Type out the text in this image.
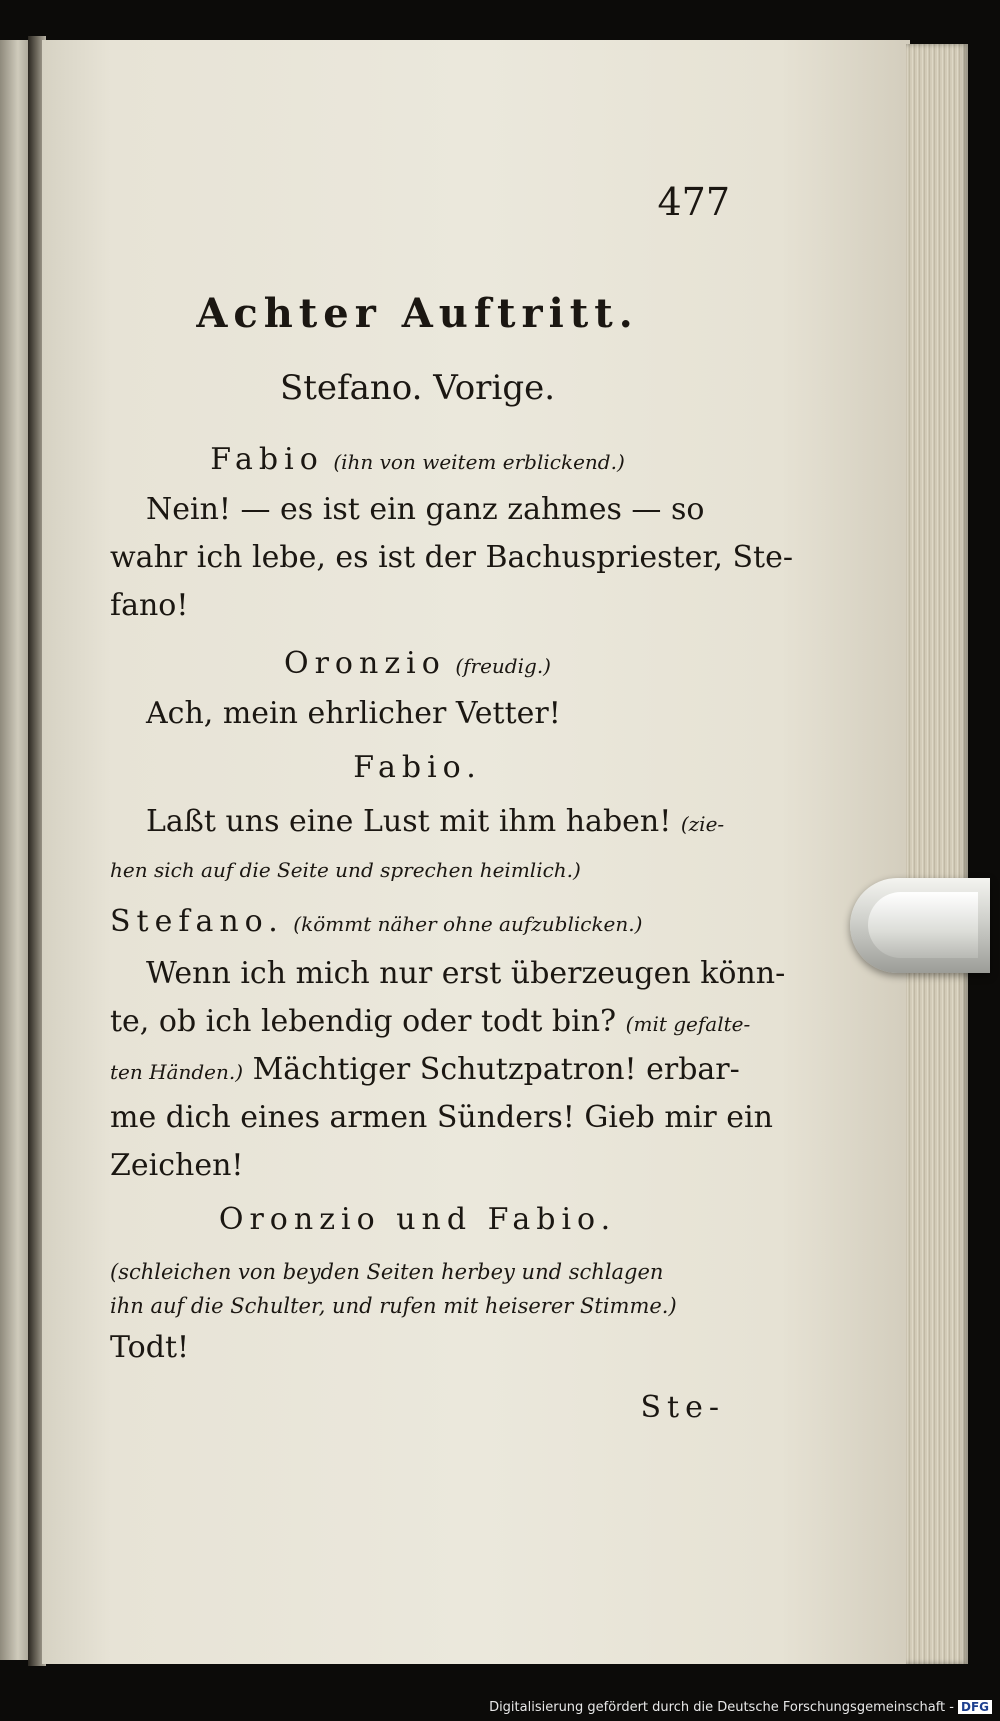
477
Achter Auftritt.
Stefano. Vorige.
Fabio (ihn von weitem erblickend.)
Nein! — es ist ein ganz zahmes — so
wahr ich lebe, es ist der Bachuspriester, Ste-
fano!
Oronzio (freudig.)
Ach, mein ehrlicher Vetter!
Fabio.
Laßt uns eine Lust mit ihm haben! (zie-
hen sich auf die Seite und sprechen heimlich.)
Stefano. (kömmt näher ohne aufzublicken.)
Wenn ich mich nur erst überzeugen könn-
te, ob ich lebendig oder todt bin? (mit gefalte-
ten Händen.) Mächtiger Schutzpatron! erbar-
me dich eines armen Sünders! Gieb mir ein
Zeichen!
Oronzio und Fabio.
(schleichen von beyden Seiten herbey und schlagen
ihn auf die Schulter, und rufen mit heiserer Stimme.)
Todt!
Ste-
Digitalisierung gefördert durch die Deutsche Forschungsgemeinschaft - DFG
